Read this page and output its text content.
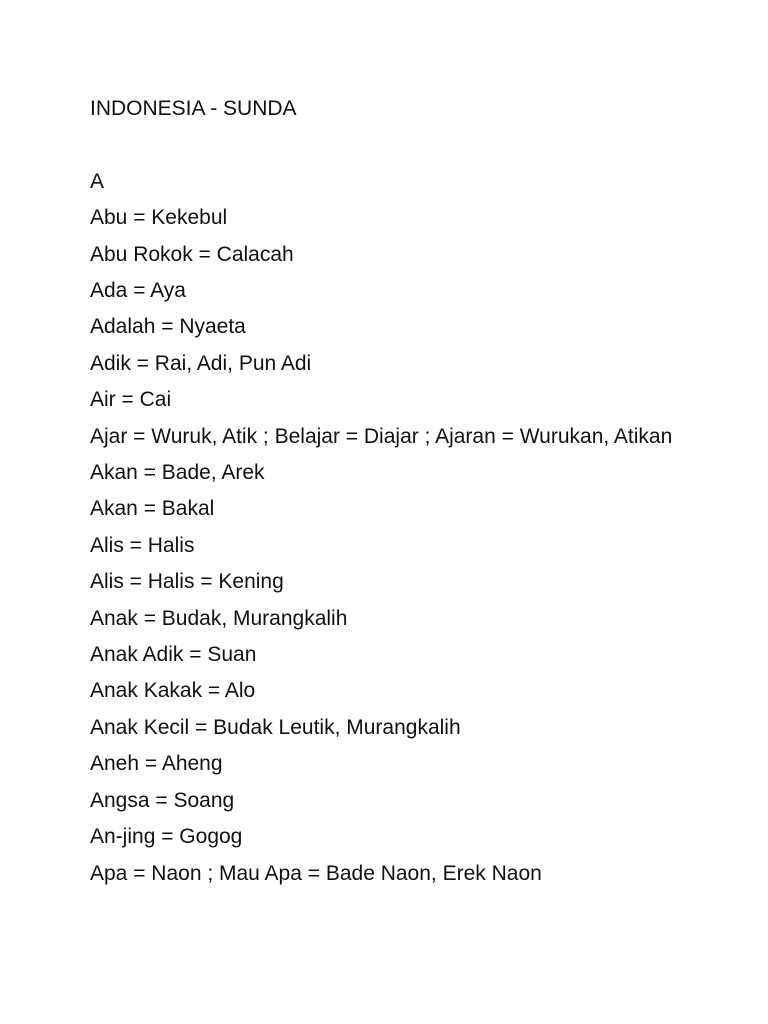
INDONESIA - SUNDA

A

Abu = Kekebul

Abu Rokok = Calacah

Ada = Aya

Adalah = Nyaeta

Adik = Rai, Adi, Pun Adi

Air = Cai

Ajar = Wuruk, Atik ; Belajar = Diajar ; Ajaran = Wurukan, Atikan

Akan = Bade, Arek

Akan = Bakal

Alis = Halis

Alis = Halis = Kening

Anak = Budak, Murangkalih

Anak Adik = Suan

Anak Kakak = Alo

Anak Kecil = Budak Leutik, Murangkalih

Aneh = Aheng

Angsa = Soang

An-jing = Gogog

Apa = Naon ; Mau Apa = Bade Naon, Erek Naon
